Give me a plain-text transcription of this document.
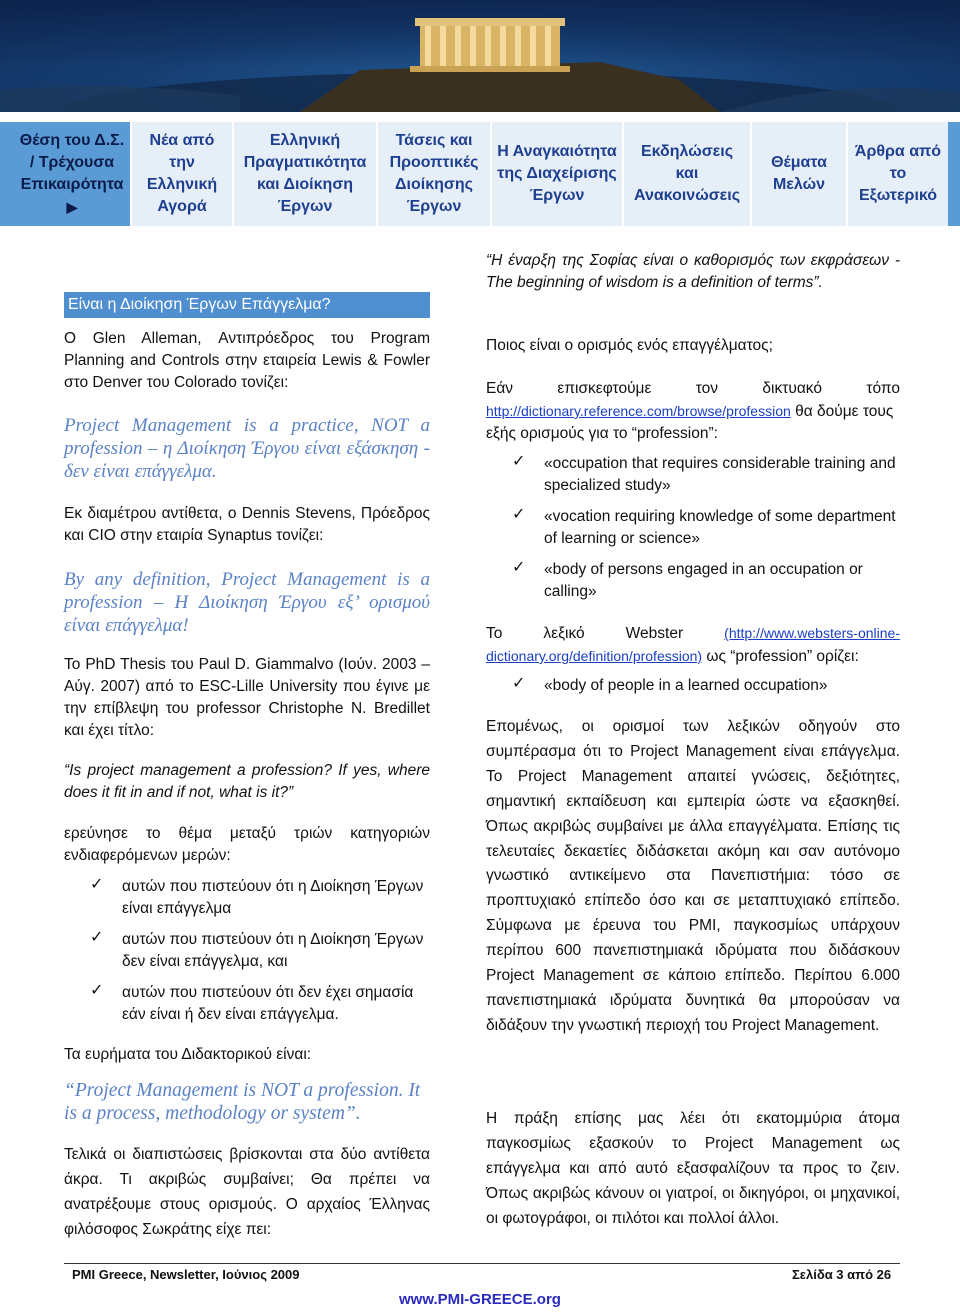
Θέση του Δ.Σ. / Τρέχουσα Επικαιρότητα
▶
Νέα από την Ελληνική Αγορά
Ελληνική Πραγματικότητα και Διοίκηση Έργων
Τάσεις και Προοπτικές Διοίκησης Έργων
Η Αναγκαιότητα της Διαχείρισης Έργων
Εκδηλώσεις και Ανακοινώσεις
Θέματα Μελών
Άρθρα από το Εξωτερικό
Είναι η Διοίκηση Έργων Επάγγελμα?
Ο Glen Alleman, Αντιπρόεδρος του Program Planning and Controls στην εταιρεία Lewis & Fowler στο Denver του Colorado τονίζει:
Project Management is a practice, NOT a profession – η Διοίκηση Έργου είναι εξάσκηση - δεν είναι επάγγελμα.
Εκ διαμέτρου αντίθετα, ο Dennis Stevens, Πρόεδρος και CIO στην εταιρία Synaptus τονίζει:
By any definition, Project Management is a profession – Η Διοίκηση Έργου εξ’ ορισμού είναι επάγγελμα!
Το PhD Thesis του Paul D. Giammalvo (Ιούν. 2003 – Αύγ. 2007) από το ESC-Lille University που έγινε με την επίβλεψη του professor Christophe N. Bredillet και έχει τίτλο:
“Is project management a profession? If yes, where does it fit in and if not, what is it?”
ερεύνησε το θέμα μεταξύ τριών κατηγοριών ενδιαφερόμενων μερών:
✓ αυτών που πιστεύουν ότι η Διοίκηση Έργων είναι επάγγελμα
✓ αυτών που πιστεύουν ότι η Διοίκηση Έργων δεν είναι επάγγελμα, και
✓ αυτών που πιστεύουν ότι δεν έχει σημασία εάν είναι ή δεν είναι επάγγελμα.
Τα ευρήματα του Διδακτορικού είναι:
“Project Management is NOT a profession. It is a process, methodology or system”.
Τελικά οι διαπιστώσεις βρίσκονται στα δύο αντίθετα άκρα. Τι ακριβώς συμβαίνει; Θα πρέπει να ανατρέξουμε στους ορισμούς. Ο αρχαίος Έλληνας φιλόσοφος Σωκράτης είχε πει:
“Η έναρξη της Σοφίας είναι ο καθορισμός των εκφράσεων - The beginning of wisdom is a definition of terms”.
Ποιος είναι ο ορισμός ενός επαγγέλματος;
Εάν επισκεφτούμε τον δικτυακό τόπο
http://dictionary.reference.com/browse/profession θα δούμε τους εξής ορισμούς για το “profession”:
✓ «occupation that requires considerable training and specialized study»
✓ «vocation requiring knowledge of some department of learning or science»
✓ «body of persons engaged in an occupation or calling»
Το λεξικό Webster (http://www.websters-online-dictionary.org/definition/profession) ως “profession” ορίζει:
✓ «body of people in a learned occupation»
Επομένως, οι ορισμοί των λεξικών οδηγούν στο συμπέρασμα ότι το Project Management είναι επάγγελμα. Το Project Management απαιτεί γνώσεις, δεξιότητες, σημαντική εκπαίδευση και εμπειρία ώστε να εξασκηθεί. Όπως ακριβώς συμβαίνει με άλλα επαγγέλματα. Επίσης τις τελευταίες δεκαετίες διδάσκεται ακόμη και σαν αυτόνομο γνωστικό αντικείμενο στα Πανεπιστήμια: τόσο σε προπτυχιακό επίπεδο όσο και σε μεταπτυχιακό επίπεδο. Σύμφωνα με έρευνα του PMI, παγκοσμίως υπάρχουν περίπου 600 πανεπιστημιακά ιδρύματα που διδάσκουν Project Management σε κάποιο επίπεδο. Περίπου 6.000 πανεπιστημιακά ιδρύματα δυνητικά θα μπορούσαν να διδάξουν την γνωστική περιοχή του Project Management.
Η πράξη επίσης μας λέει ότι εκατομμύρια άτομα παγκοσμίως εξασκούν το Project Management ως επάγγελμα και από αυτό εξασφαλίζουν τα προς το ζειν. Όπως ακριβώς κάνουν οι γιατροί, οι δικηγόροι, οι μηχανικοί, οι φωτογράφοι, οι πιλότοι και πολλοί άλλοι.
PMI Greece, Newsletter, Ιούνιος 2009	Σελίδα 3 από 26
www.PMI-GREECE.org
